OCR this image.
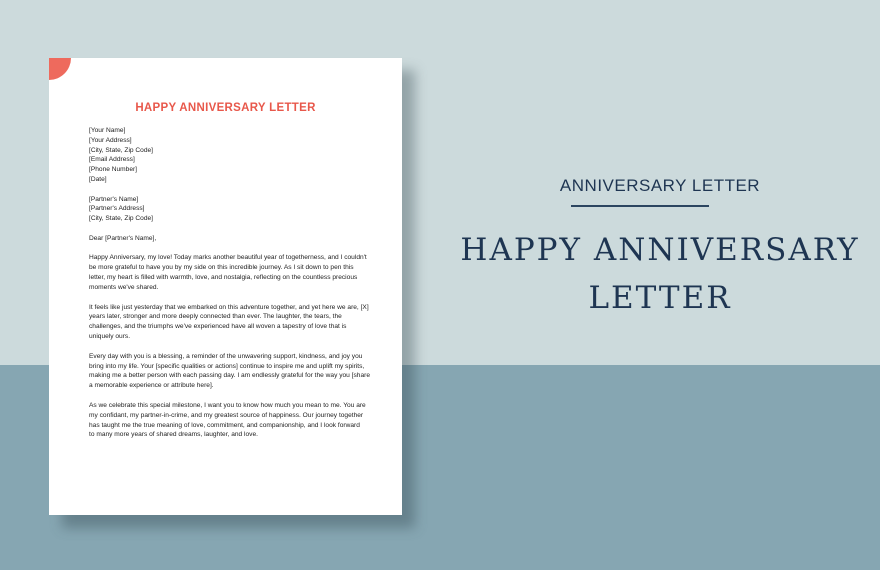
HAPPY ANNIVERSARY LETTER
[Your Name]
[Your Address]
[City, State, Zip Code]
[Email Address]
[Phone Number]
[Date]
[Partner's Name]
[Partner's Address]
[City, State, Zip Code]
Dear [Partner's Name],
Happy Anniversary, my love! Today marks another beautiful year of togetherness, and I couldn't
be more grateful to have you by my side on this incredible journey. As I sit down to pen this
letter, my heart is filled with warmth, love, and nostalgia, reflecting on the countless precious
moments we've shared.
It feels like just yesterday that we embarked on this adventure together, and yet here we are, [X]
years later, stronger and more deeply connected than ever. The laughter, the tears, the
challenges, and the triumphs we've experienced have all woven a tapestry of love that is
uniquely ours.
Every day with you is a blessing, a reminder of the unwavering support, kindness, and joy you
bring into my life. Your [specific qualities or actions] continue to inspire me and uplift my spirits,
making me a better person with each passing day. I am endlessly grateful for the way you [share
a memorable experience or attribute here].
As we celebrate this special milestone, I want you to know how much you mean to me. You are
my confidant, my partner-in-crime, and my greatest source of happiness. Our journey together
has taught me the true meaning of love, commitment, and companionship, and I look forward
to many more years of shared dreams, laughter, and love.
ANNIVERSARY LETTER
HAPPY ANNIVERSARY
LETTER
